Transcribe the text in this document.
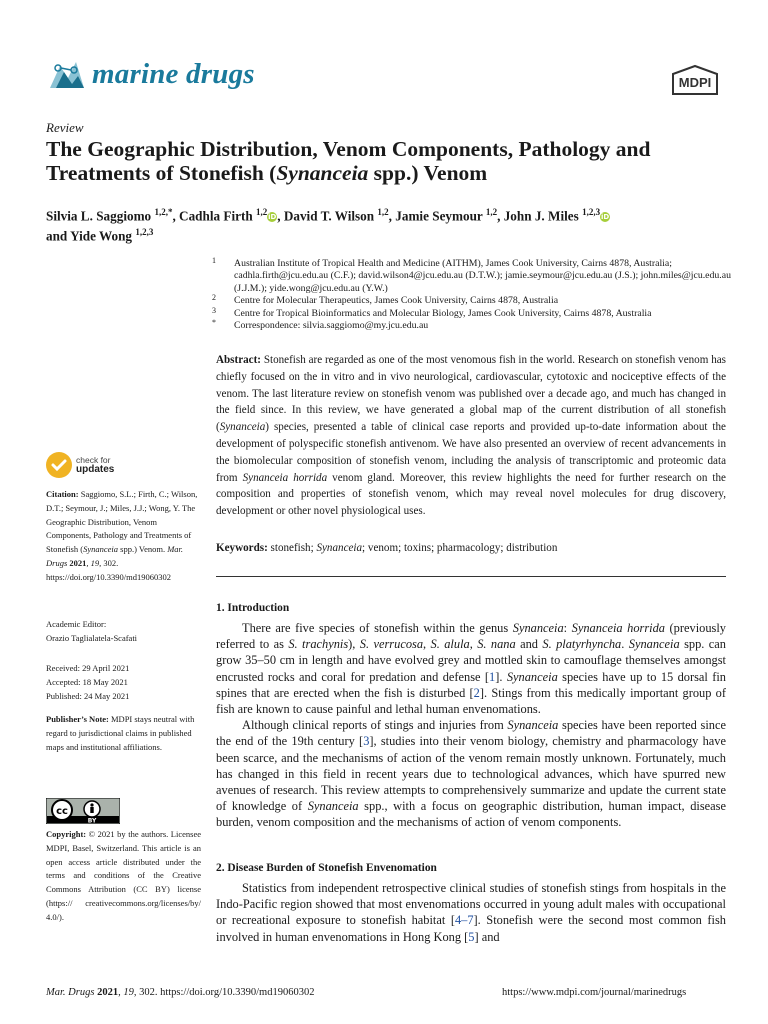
marine drugs	MDPI
Review
The Geographic Distribution, Venom Components, Pathology and Treatments of Stonefish (Synanceia spp.) Venom
Silvia L. Saggiomo $^{1,2,*}$, Cadhla Firth $^{1,2}$iD, David T. Wilson $^{1,2}$, Jamie Seymour $^{1,2}$, John J. Miles $^{1,2,3}$iD
and Yide Wong $^{1,2,3}$
1 Australian Institute of Tropical Health and Medicine (AITHM), James Cook University, Cairns 4878, Australia; cadhla.firth@jcu.edu.au (C.F.); david.wilson4@jcu.edu.au (D.T.W.); jamie.seymour@jcu.edu.au (J.S.); john.miles@jcu.edu.au (J.J.M.); yide.wong@jcu.edu.au (Y.W.)
2 Centre for Molecular Therapeutics, James Cook University, Cairns 4878, Australia
3 Centre for Tropical Bioinformatics and Molecular Biology, James Cook University, Cairns 4878, Australia
* Correspondence: silvia.saggiomo@my.jcu.edu.au
check for
updates
Citation: Saggiomo, S.L.; Firth, C.; Wilson, D.T.; Seymour, J.; Miles, J.J.; Wong, Y. The Geographic Distribution, Venom Components, Pathology and Treatments of Stonefish (Synanceia spp.) Venom. Mar. Drugs 2021, 19, 302. https://doi.org/10.3390/md19060302
Academic Editor:
Orazio Taglialatela-Scafati
Received: 29 April 2021
Accepted: 18 May 2021
Published: 24 May 2021
Publisher’s Note: MDPI stays neutral with regard to jurisdictional claims in published maps and institutional affiliations.
cc
BY
Copyright: © 2021 by the authors. Licensee MDPI, Basel, Switzerland. This article is an open access article distributed under the terms and conditions of the Creative Commons Attribution (CC BY) license (https:// creativecommons.org/licenses/by/ 4.0/).
Abstract: Stonefish are regarded as one of the most venomous fish in the world. Research on stonefish venom has chiefly focused on the in vitro and in vivo neurological, cardiovascular, cytotoxic and nociceptive effects of the venom. The last literature review on stonefish venom was published over a decade ago, and much has changed in the field since. In this review, we have generated a global map of the current distribution of all stonefish (Synanceia) species, presented a table of clinical case reports and provided up-to-date information about the development of polyspecific stonefish antivenom. We have also presented an overview of recent advancements in the biomolecular composition of stonefish venom, including the analysis of transcriptomic and proteomic data from Synanceia horrida venom gland. Moreover, this review highlights the need for further research on the composition and properties of stonefish venom, which may reveal novel molecules for drug discovery, development or other novel physiological uses.
Keywords: stonefish; Synanceia; venom; toxins; pharmacology; distribution
1. Introduction

There are five species of stonefish within the genus Synanceia: Synanceia horrida (previously referred to as S. trachynis), S. verrucosa, S. alula, S. nana and S. platyrhyncha. Synanceia spp. can grow 35–50 cm in length and have evolved grey and mottled skin to camouflage themselves amongst encrusted rocks and coral for predation and defense [1]. Synanceia species have up to 15 dorsal fin spines that are erected when the fish is disturbed [2]. Stings from this medically important group of fish are known to cause painful and lethal human envenomations.

Although clinical reports of stings and injuries from Synanceia species have been reported since the end of the 19th century [3], studies into their venom biology, chemistry and pharmacology have been scarce, and the mechanisms of action of the venom remain mostly unknown. Fortunately, much has changed in this field in recent years due to technological advances, which have spurred new avenues of research. This review attempts to comprehensively summarize and update the current state of knowledge of Synanceia spp., with a focus on geographic distribution, human impact, disease burden, venom composition and the mechanisms of action of venom components.

2. Disease Burden of Stonefish Envenomation

Statistics from independent retrospective clinical studies of stonefish stings from hospitals in the Indo-Pacific region showed that most envenomations occurred in young adult males with occupational or recreational exposure to stonefish habitat [4–7]. Stonefish were the second most common fish involved in human envenomations in Hong Kong [5] and

Mar. Drugs 2021, 19, 302. https://doi.org/10.3390/md19060302	https://www.mdpi.com/journal/marinedrugs
